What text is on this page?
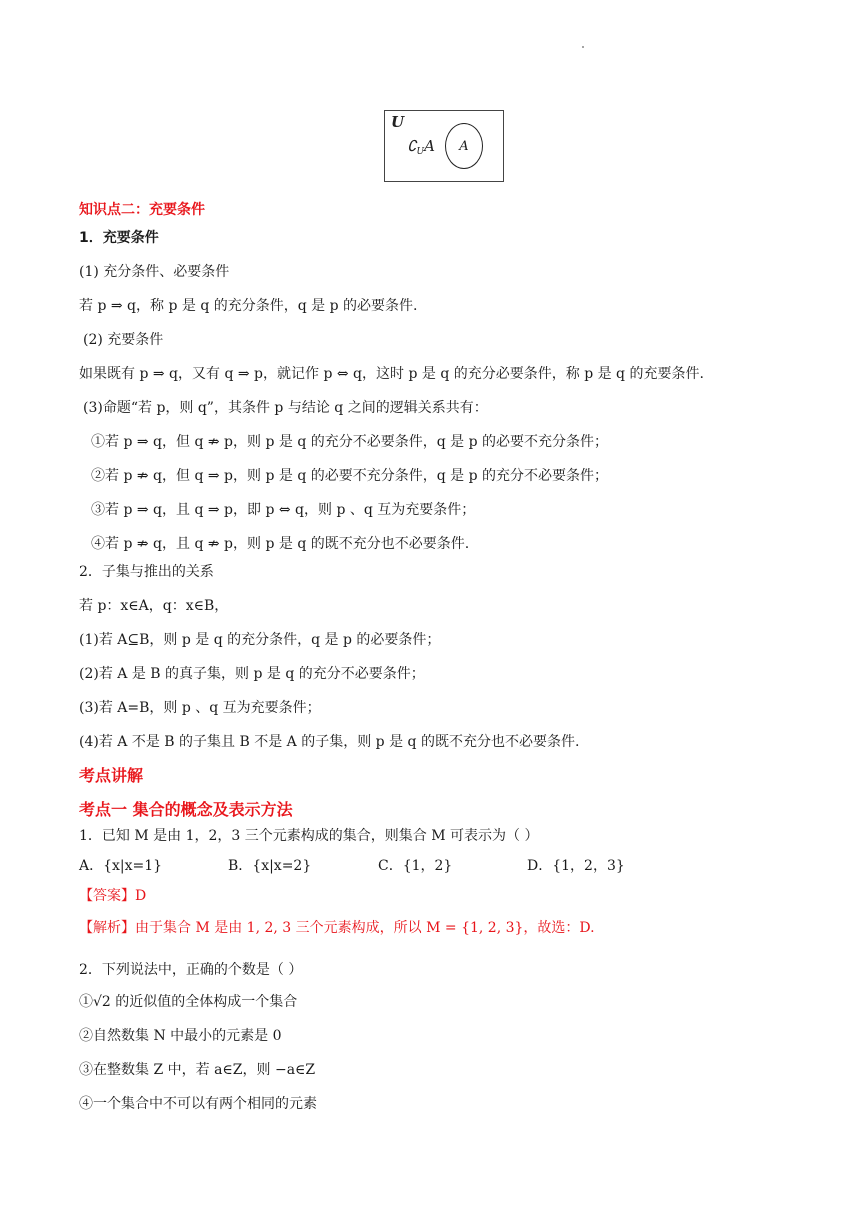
U
$∁_UA$ A
知识点二：充要条件
1．充要条件
(1) 充分条件、必要条件
若 p ⇒ q，称 p 是 q 的充分条件，q 是 p 的必要条件.
(2) 充要条件
如果既有 p ⇒ q，又有 q ⇒ p，就记作 p ⇔ q，这时 p 是 q 的充分必要条件，称 p 是 q 的充要条件.
(3)命题“若 p，则 q”，其条件 p 与结论 q 之间的逻辑关系共有：
①若 p ⇒ q，但 q ⇏ p，则 p 是 q 的充分不必要条件，q 是 p 的必要不充分条件；
②若 p ⇏ q，但 q ⇒ p，则 p 是 q 的必要不充分条件，q 是 p 的充分不必要条件；
③若 p ⇒ q，且 q ⇒ p，即 p ⇔ q，则 p 、q 互为充要条件；
④若 p ⇏ q，且 q ⇏ p，则 p 是 q 的既不充分也不必要条件.
2．子集与推出的关系
若 p：x∈A，q：x∈B，
(1)若 A⊆B，则 p 是 q 的充分条件，q 是 p 的必要条件；
(2)若 A 是 B 的真子集，则 p 是 q 的充分不必要条件；
(3)若 A=B，则 p 、q 互为充要条件；
(4)若 A 不是 B 的子集且 B 不是 A 的子集，则 p 是 q 的既不充分也不必要条件.
考点讲解
考点一 集合的概念及表示方法
1．已知 M 是由 1，2，3 三个元素构成的集合，则集合 M 可表示为（ ）
A．{x|x=1}	B．{x|x=2}	C．{1，2}	D．{1，2，3}
【答案】D
【解析】由于集合 M 是由 1, 2, 3 三个元素构成，所以 M = {1, 2, 3}，故选：D.
2．下列说法中，正确的个数是（ ）
①√2 的近似值的全体构成一个集合
②自然数集 N 中最小的元素是 0
③在整数集 Z 中，若 a∈Z，则 −a∈Z
④一个集合中不可以有两个相同的元素
